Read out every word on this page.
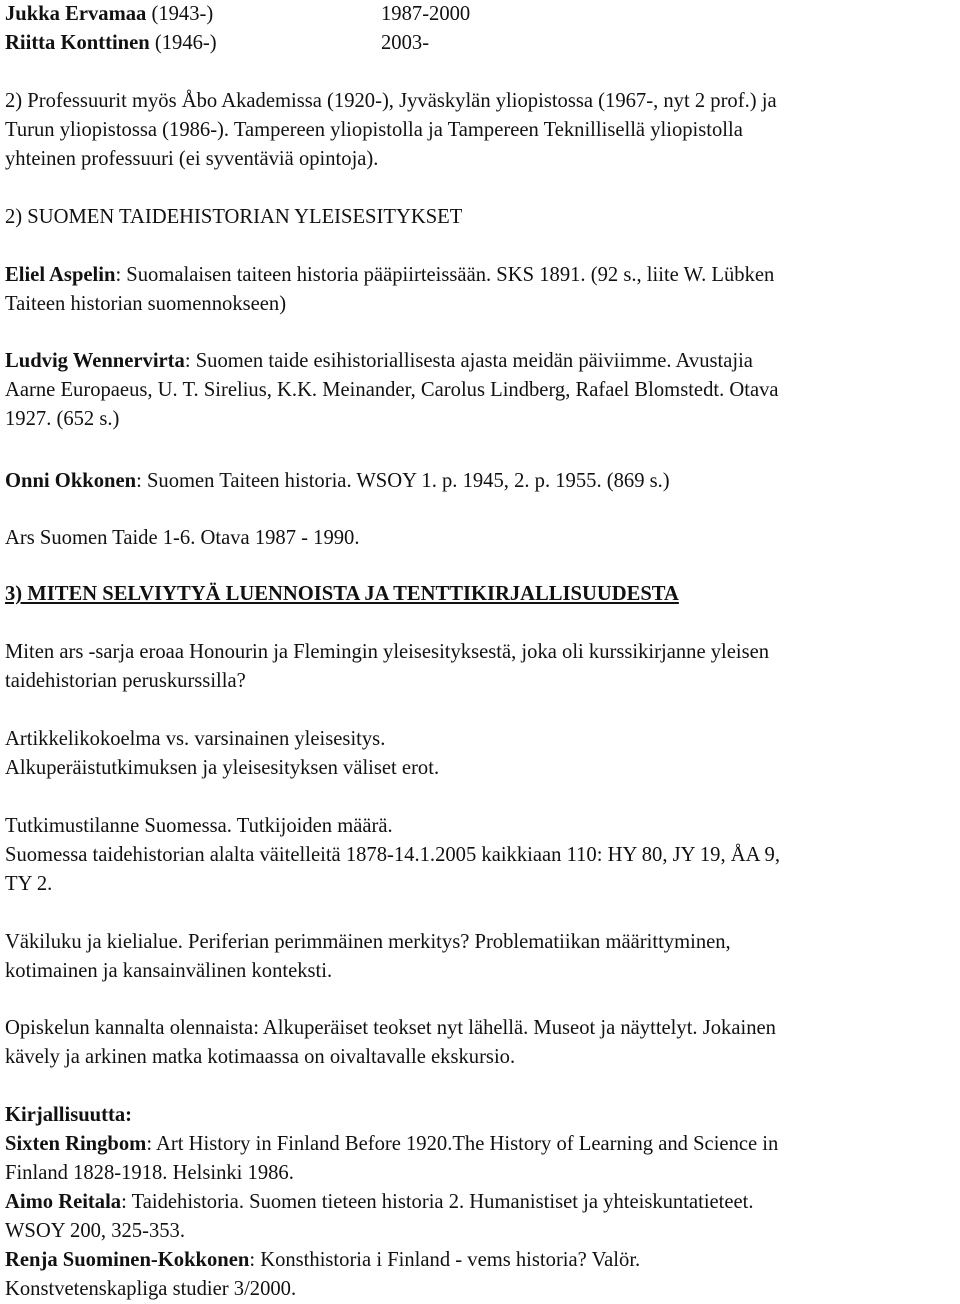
Jukka Ervamaa (1943-)	1987-2000
Riitta Konttinen (1946-)	2003-
2) Professuurit myös Åbo Akademissa (1920-), Jyväskylän yliopistossa (1967-, nyt 2 prof.) ja
Turun yliopistossa (1986-). Tampereen yliopistolla ja Tampereen Teknillisellä yliopistolla
yhteinen professuuri (ei syventäviä opintoja).
2) SUOMEN TAIDEHISTORIAN YLEISESITYKSET
Eliel Aspelin: Suomalaisen taiteen historia pääpiirteissään. SKS 1891. (92 s., liite W. Lübken
Taiteen historian suomennokseen)
Ludvig Wennervirta: Suomen taide esihistoriallisesta ajasta meidän päiviimme. Avustajia
Aarne Europaeus, U. T. Sirelius, K.K. Meinander, Carolus Lindberg, Rafael Blomstedt. Otava
1927. (652 s.)
Onni Okkonen: Suomen Taiteen historia. WSOY 1. p. 1945, 2. p. 1955. (869 s.)
Ars Suomen Taide 1-6. Otava 1987 - 1990.
3) MITEN SELVIYTYÄ LUENNOISTA JA TENTTIKIRJALLISUUDESTA
Miten ars -sarja eroaa Honourin ja Flemingin yleisesityksestä, joka oli kurssikirjanne yleisen
taidehistorian peruskurssilla?
Artikkelikokoelma vs. varsinainen yleisesitys.
Alkuperäistutkimuksen ja yleisesityksen väliset erot.
Tutkimustilanne Suomessa. Tutkijoiden määrä.
Suomessa taidehistorian alalta väitelleitä 1878-14.1.2005 kaikkiaan 110: HY 80, JY 19, ÅA 9,
TY 2.
Väkiluku ja kielialue. Periferian perimmäinen merkitys? Problematiikan määrittyminen,
kotimainen ja kansainvälinen konteksti.
Opiskelun kannalta olennaista: Alkuperäiset teokset nyt lähellä. Museot ja näyttelyt. Jokainen
kävely ja arkinen matka kotimaassa on oivaltavalle ekskursio.
Kirjallisuutta:
Sixten Ringbom: Art History in Finland Before 1920.The History of Learning and Science in
Finland 1828-1918. Helsinki 1986.
Aimo Reitala: Taidehistoria. Suomen tieteen historia 2. Humanistiset ja yhteiskuntatieteet.
WSOY 200, 325-353.
Renja Suominen-Kokkonen: Konsthistoria i Finland - vems historia? Valör.
Konstvetenskapliga studier 3/2000.
